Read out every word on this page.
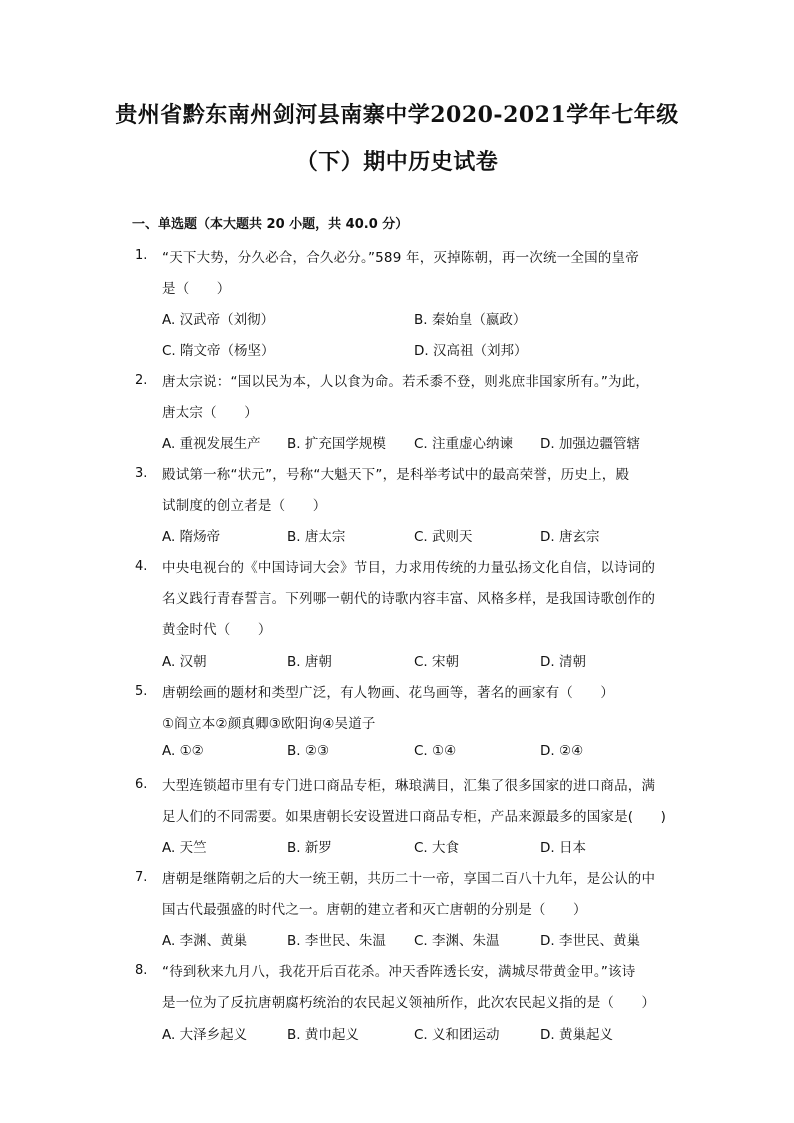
贵州省黔东南州剑河县南寨中学2020-2021学年七年级
（下）期中历史试卷
一、单选题（本大题共 20 小题，共 40.0 分）
1. “天下大势，分久必合，合久必分。”589 年，灭掉陈朝，再一次统一全国的皇帝
是（　　）
A. 汉武帝（刘彻）	B. 秦始皇（嬴政）
C. 隋文帝（杨坚）	D. 汉高祖（刘邦）
2. 唐太宗说：“国以民为本，人以食为命。若禾黍不登，则兆庶非国家所有。”为此，
唐太宗（　　）
A. 重视发展生产 B. 扩充国学规模 C. 注重虚心纳谏 D. 加强边疆管辖
3. 殿试第一称“状元”，号称“大魁天下”，是科举考试中的最高荣誉，历史上，殿
试制度的创立者是（　　）
A. 隋炀帝	B. 唐太宗	C. 武则天	D. 唐玄宗
4. 中央电视台的《中国诗词大会》节目，力求用传统的力量弘扬文化自信，以诗词的
名义践行青春誓言。下列哪一朝代的诗歌内容丰富、风格多样，是我国诗歌创作的
黄金时代（　　）
A. 汉朝	B. 唐朝	C. 宋朝	D. 清朝
5. 唐朝绘画的题材和类型广泛，有人物画、花鸟画等，著名的画家有（　　）
①阎立本②颜真卿③欧阳询④吴道子
A. ①②	B. ②③	C. ①④	D. ②④
6. 大型连锁超市里有专门进口商品专柜，琳琅满目，汇集了很多国家的进口商品，满
足人们的不同需要。如果唐朝长安设置进口商品专柜，产品来源最多的国家是(　　)
A. 天竺	B. 新罗	C. 大食	D. 日本
7. 唐朝是继隋朝之后的大一统王朝，共历二十一帝，享国二百八十九年，是公认的中
国古代最强盛的时代之一。唐朝的建立者和灭亡唐朝的分别是（　　）
A. 李渊、黄巢	B. 李世民、朱温 C. 李渊、朱温	D. 李世民、黄巢
8. “待到秋来九月八，我花开后百花杀。冲天香阵透长安，满城尽带黄金甲。”该诗
是一位为了反抗唐朝腐朽统治的农民起义领袖所作，此次农民起义指的是（　　）
A. 大泽乡起义	B. 黄巾起义	C. 义和团运动	D. 黄巢起义
